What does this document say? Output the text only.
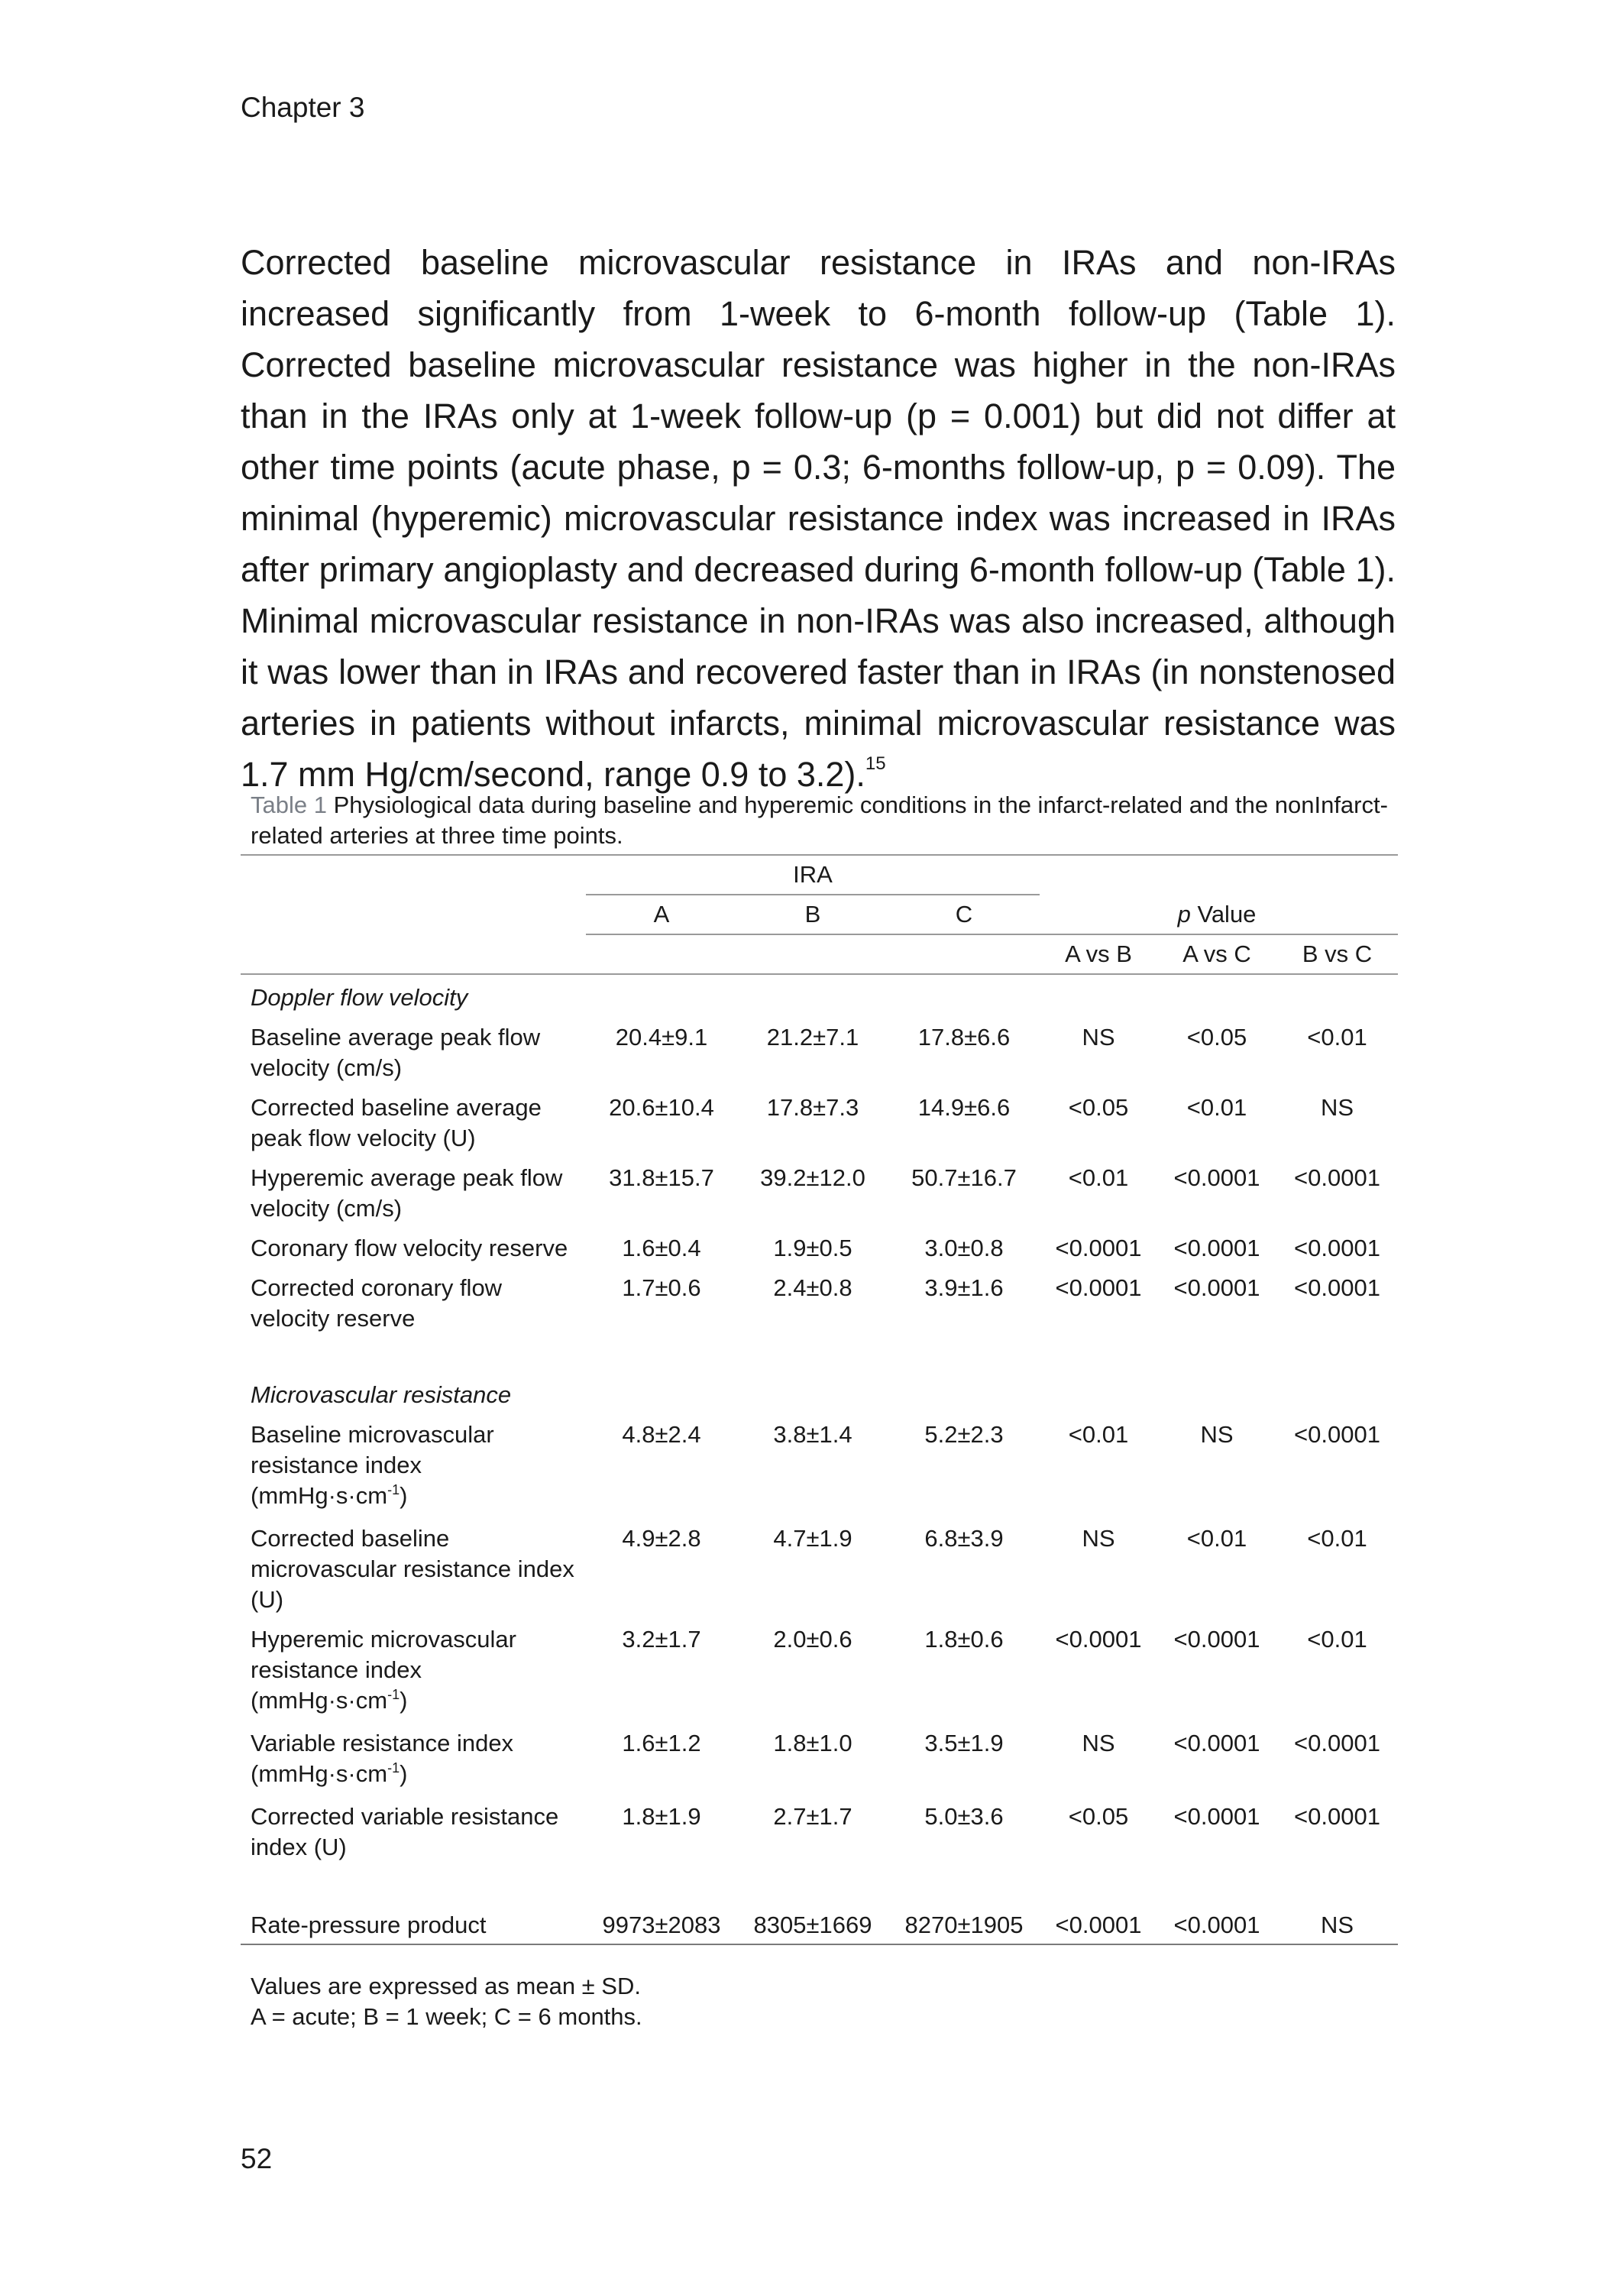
Chapter 3

Corrected baseline microvascular resistance in IRAs and non-IRAs increased significantly from 1-week to 6-month follow-up (Table 1). Corrected baseline microvascular resistance was higher in the non-IRAs than in the IRAs only at 1-week follow-up (p = 0.001) but did not differ at other time points (acute phase, p = 0.3; 6-months follow-up, p = 0.09). The minimal (hyperemic) microvascular resistance index was increased in IRAs after primary angioplasty and decreased during 6-month follow-up (Table 1). Minimal microvascular resistance in non-IRAs was also increased, although it was lower than in IRAs and recovered faster than in IRAs (in nonstenosed arteries in patients without infarcts, minimal microvascular resistance was 1.7 mm Hg/cm/second, range 0.9 to 3.2).$^{15}$

Table 1 Physiological data during baseline and hyperemic conditions in the infarct-related and the nonInfarct-related arteries at three time points.

	IRA					
	A	B	C		p Value	
				A vs B	A vs C	B vs C
Doppler flow velocity						
Baseline average peak flow velocity (cm/s)	20.4±9.1	21.2±7.1	17.8±6.6	NS	<0.05	<0.01
Corrected baseline average peak flow velocity (U)	20.6±10.4	17.8±7.3	14.9±6.6	<0.05	<0.01	NS
Hyperemic average peak flow velocity (cm/s)	31.8±15.7	39.2±12.0	50.7±16.7	<0.01	<0.0001	<0.0001
Coronary flow velocity reserve	1.6±0.4	1.9±0.5	3.0±0.8	<0.0001	<0.0001	<0.0001
Corrected coronary flow velocity reserve	1.7±0.6	2.4±0.8	3.9±1.6	<0.0001	<0.0001	<0.0001

Microvascular resistance						
Baseline microvascular resistance index
$(mmHg\cdot s\cdot cm^{-1})$	4.8±2.4	3.8±1.4	5.2±2.3	<0.01	NS	<0.0001
Corrected baseline microvascular resistance index (U)	4.9±2.8	4.7±1.9	6.8±3.9	NS	<0.01	<0.01
Hyperemic microvascular resistance index
$(mmHg\cdot s\cdot cm^{-1})$	3.2±1.7	2.0±0.6	1.8±0.6	<0.0001	<0.0001	<0.01
Variable resistance index
$(mmHg\cdot s\cdot cm^{-1})$	1.6±1.2	1.8±1.0	3.5±1.9	NS	<0.0001	<0.0001
Corrected variable resistance index (U)	1.8±1.9	2.7±1.7	5.0±3.6	<0.05	<0.0001	<0.0001

Rate-pressure product	9973±2083	8305±1669	8270±1905	<0.0001	<0.0001	NS
Values are expressed as mean ± SD.
A = acute; B = 1 week; C = 6 months.
52
